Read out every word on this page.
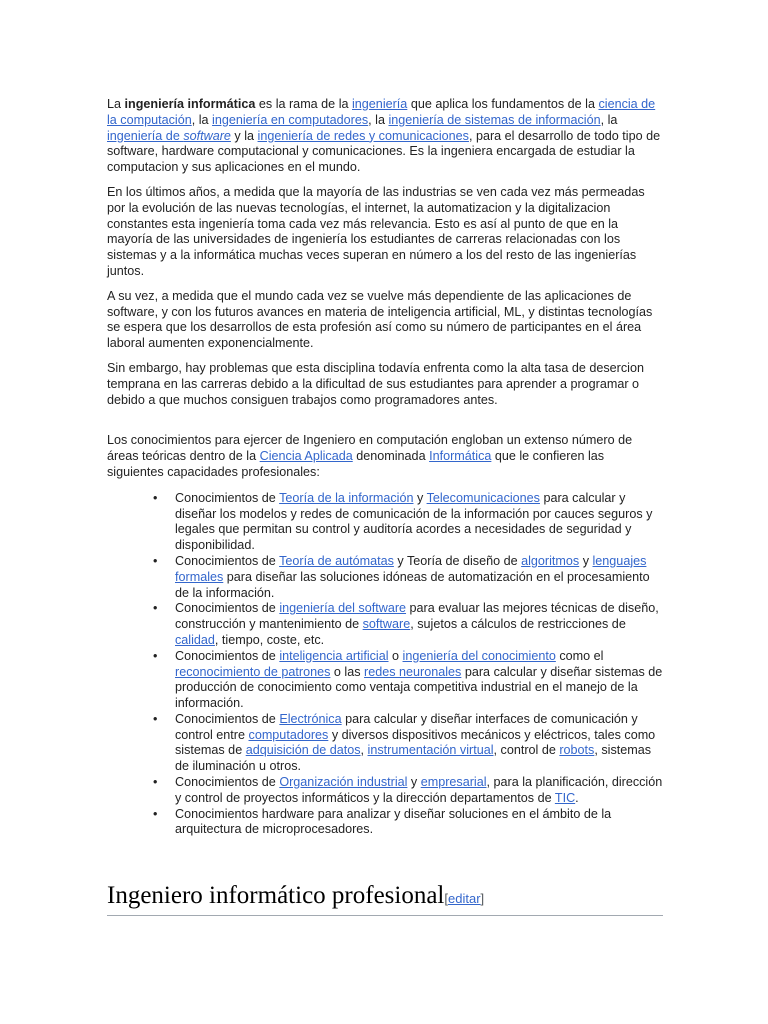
La ingeniería informática es la rama de la ingeniería que aplica los fundamentos de la ciencia de la computación, la ingeniería en computadores, la ingeniería de sistemas de información, la ingeniería de software y la ingeniería de redes y comunicaciones, para el desarrollo de todo tipo de software, hardware computacional y comunicaciones. Es la ingeniera encargada de estudiar la computacion y sus aplicaciones en el mundo.

En los últimos años, a medida que la mayoría de las industrias se ven cada vez más permeadas por la evolución de las nuevas tecnologías, el internet, la automatizacion y la digitalizacion constantes esta ingeniería toma cada vez más relevancia. Esto es así al punto de que en la mayoría de las universidades de ingeniería los estudiantes de carreras relacionadas con los sistemas y a la informática muchas veces superan en número a los del resto de las ingenierías juntos.

A su vez, a medida que el mundo cada vez se vuelve más dependiente de las aplicaciones de software, y con los futuros avances en materia de inteligencia artificial, ML, y distintas tecnologías se espera que los desarrollos de esta profesión así como su número de participantes en el área laboral aumenten exponencialmente.

Sin embargo, hay problemas que esta disciplina todavía enfrenta como la alta tasa de desercion temprana en las carreras debido a la dificultad de sus estudiantes para aprender a programar o debido a que muchos consiguen trabajos como programadores antes.

Los conocimientos para ejercer de Ingeniero en computación engloban un extenso número de áreas teóricas dentro de la Ciencia Aplicada denominada Informática que le confieren las siguientes capacidades profesionales:

• Conocimientos de Teoría de la información y Telecomunicaciones para calcular y diseñar los modelos y redes de comunicación de la información por cauces seguros y legales que permitan su control y auditoría acordes a necesidades de seguridad y disponibilidad.
• Conocimientos de Teoría de autómatas y Teoría de diseño de algoritmos y lenguajes formales para diseñar las soluciones idóneas de automatización en el procesamiento de la información.
• Conocimientos de ingeniería del software para evaluar las mejores técnicas de diseño, construcción y mantenimiento de software, sujetos a cálculos de restricciones de calidad, tiempo, coste, etc.
• Conocimientos de inteligencia artificial o ingeniería del conocimiento como el reconocimiento de patrones o las redes neuronales para calcular y diseñar sistemas de producción de conocimiento como ventaja competitiva industrial en el manejo de la información.
• Conocimientos de Electrónica para calcular y diseñar interfaces de comunicación y control entre computadores y diversos dispositivos mecánicos y eléctricos, tales como sistemas de adquisición de datos, instrumentación virtual, control de robots, sistemas de iluminación u otros.
• Conocimientos de Organización industrial y empresarial, para la planificación, dirección y control de proyectos informáticos y la dirección departamentos de TIC.
• Conocimientos hardware para analizar y diseñar soluciones en el ámbito de la arquitectura de microprocesadores.
Ingeniero informático profesional[editar]
